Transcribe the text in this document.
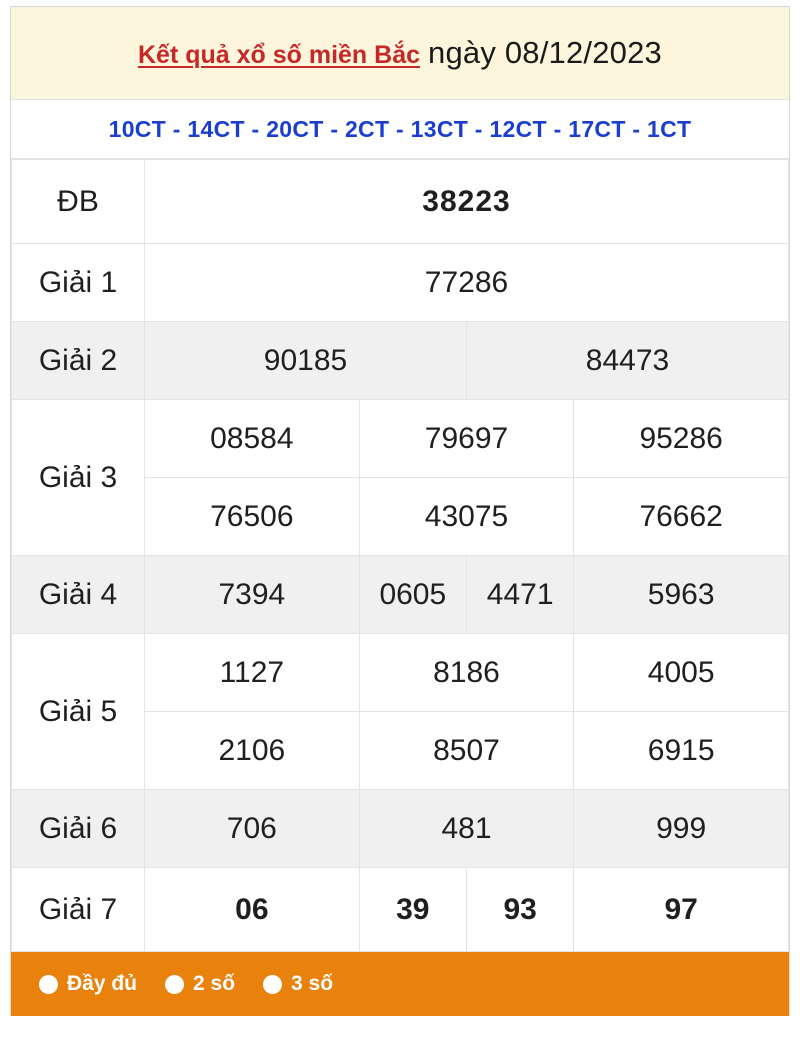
Kết quả xổ số miền Bắc ngày 08/12/2023
10CT - 14CT - 20CT - 2CT - 13CT - 12CT - 17CT - 1CT
ĐB	38223			
Giải 1	77286			
Giải 2	90185		84473	
Giải 3	08584	79697		95286
	76506	43075		76662
Giải 4	7394	0605	4471	5963
Giải 5	1127	8186		4005
	2106	8507		6915
Giải 6	706	481		999
Giải 7	06	39	93	97
Đầy đủ	2 số	3 số
